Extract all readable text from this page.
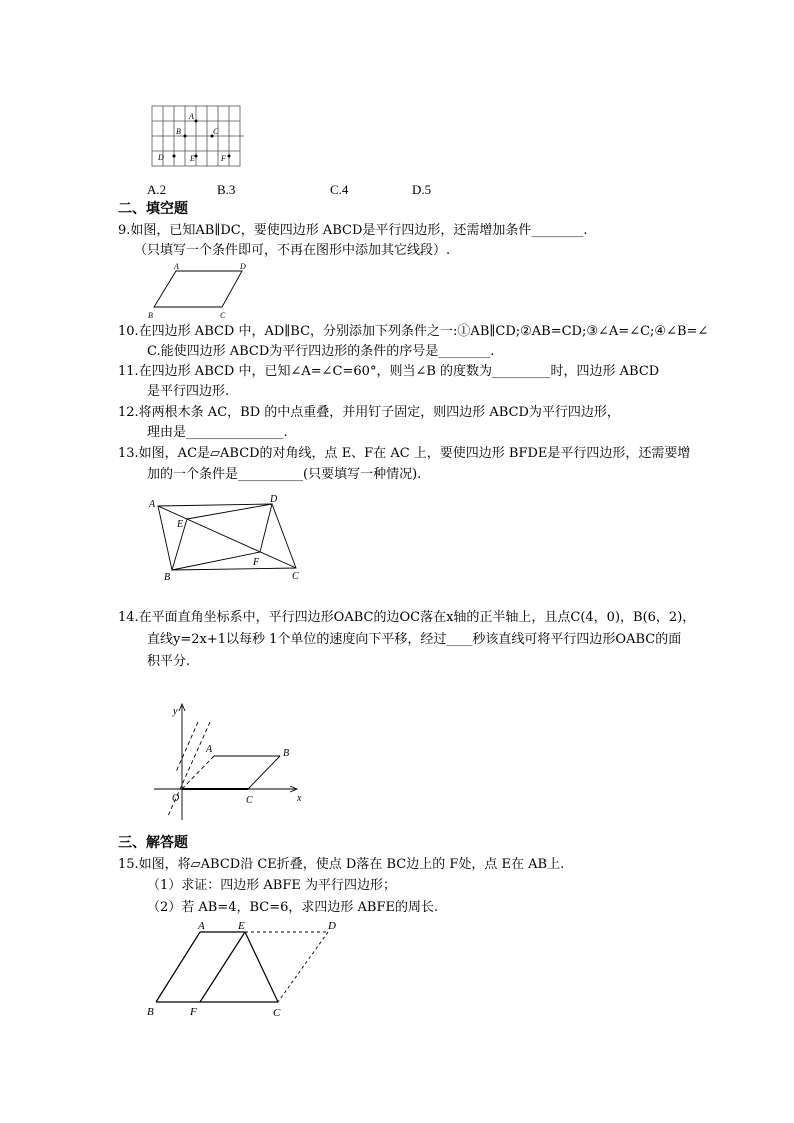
A
B	C
D	E	F
A.2	B.3	C.4	D.5
二、填空题
9.如图，已知AB∥DC，要使四边形 ABCD是平行四边形，还需增加条件________.
（只填写一个条件即可，不再在图形中添加其它线段）.
A	D
B	C
10.在四边形 ABCD 中，AD∥BC，分别添加下列条件之一:①AB∥CD;②AB=CD;③∠A=∠C;④∠B=∠
C.能使四边形 ABCD为平行四边形的条件的序号是________.
11.在四边形 ABCD 中，已知∠A=∠C=60°，则当∠B 的度数为_________时，四边形 ABCD
是平行四边形.
12.将两根木条 AC，BD 的中点重叠，并用钉子固定，则四边形 ABCD为平行四边形，
理由是_______________.
13.如图，AC是▱ABCD的对角线，点 E、F在 AC 上，要使四边形 BFDE是平行四边形，还需要增
加的一个条件是__________(只要填写一种情况).
A	D
E
F
B	C
14.在平面直角坐标系中，平行四边形OABC的边OC落在x轴的正半轴上，且点C(4，0)，B(6，2)，
直线y=2x+1以每秒 1个单位的速度向下平移，经过____秒该直线可将平行四边形OABC的面
积平分.
y
A	B
O	C	x
三、解答题
15.如图，将▱ABCD沿 CE折叠，使点 D落在 BC边上的 F处，点 E在 AB上.
（1）求证：四边形 ABFE 为平行四边形；
（2）若 AB=4，BC=6，求四边形 ABFE的周长.
A	E	D
B	F	C
